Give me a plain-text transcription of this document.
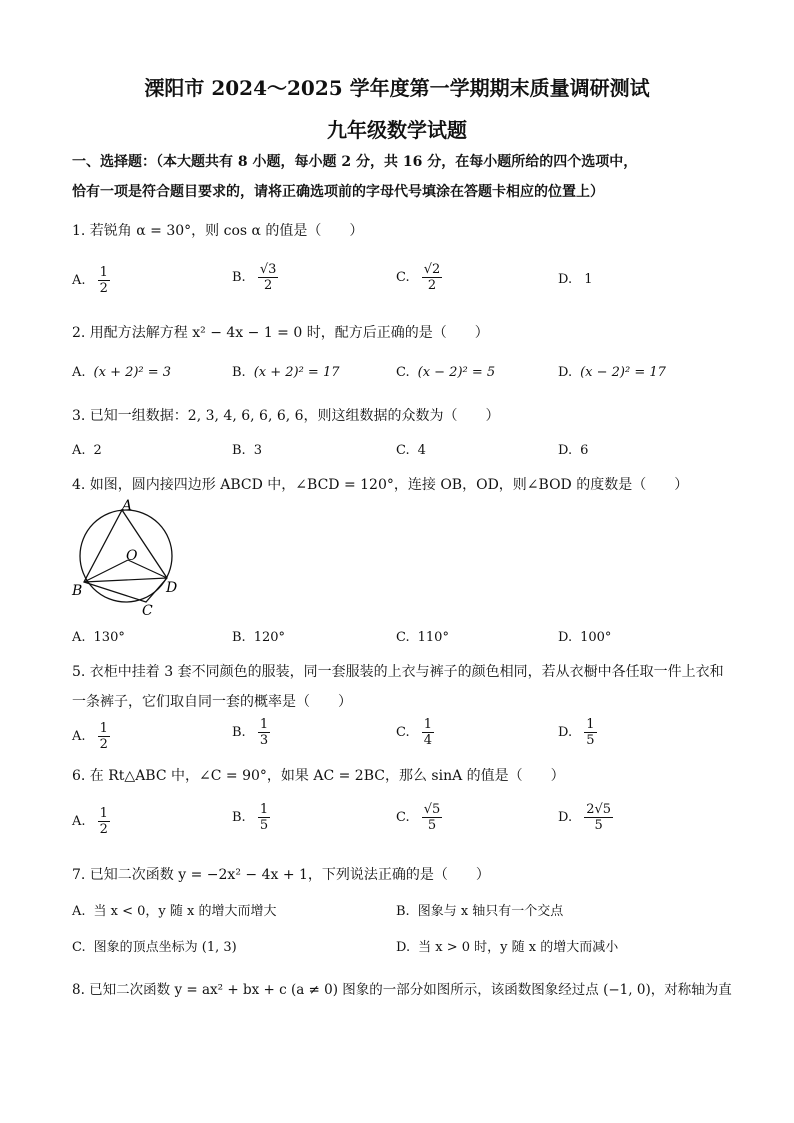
溧阳市 2024～2025 学年度第一学期期末质量调研测试
九年级数学试题
一、选择题：（本大题共有 8 小题，每小题 2 分，共 16 分，在每小题所给的四个选项中，
恰有一项是符合题目要求的，请将正确选项前的字母代号填涂在答题卡相应的位置上）
1. 若锐角 α = 30°，则 cos α 的值是（　　）
A. $\frac{1}{2}$	B. $\frac{√3}{2}$	C. $\frac{√2}{2}$	D. 1
2. 用配方法解方程 x² − 4x − 1 = 0 时，配方后正确的是（　　）
A. (x + 2)² = 3	B. (x + 2)² = 17	C. (x − 2)² = 5	D. (x − 2)² = 17
3. 已知一组数据：2, 3, 4, 6, 6, 6, 6，则这组数据的众数为（　　）
A. 2	B. 3	C. 4	D. 6
4. 如图，圆内接四边形 ABCD 中，∠BCD = 120°，连接 OB，OD，则∠BOD 的度数是（　　）
A
B
C
D
O
A. 130°	B. 120°	C. 110°	D. 100°
5. 衣柜中挂着 3 套不同颜色的服装，同一套服装的上衣与裤子的颜色相同，若从衣橱中各任取一件上衣和
一条裤子，它们取自同一套的概率是（　　）
A. $\frac{1}{2}$	B. $\frac{1}{3}$	C. $\frac{1}{4}$	D. $\frac{1}{5}$
6. 在 Rt△ABC 中，∠C = 90°，如果 AC = 2BC，那么 sinA 的值是（　　）
A. $\frac{1}{2}$	B. $\frac{1}{5}$	C. $\frac{√5}{5}$	D. $\frac{2√5}{5}$
7. 已知二次函数 y = −2x² − 4x + 1，下列说法正确的是（　　）
A. 当 x < 0，y 随 x 的增大而增大	B. 图象与 x 轴只有一个交点
C. 图象的顶点坐标为 (1, 3)	D. 当 x > 0 时，y 随 x 的增大而减小
8. 已知二次函数 y = ax² + bx + c (a ≠ 0) 图象的一部分如图所示，该函数图象经过点 (−1, 0)，对称轴为直
